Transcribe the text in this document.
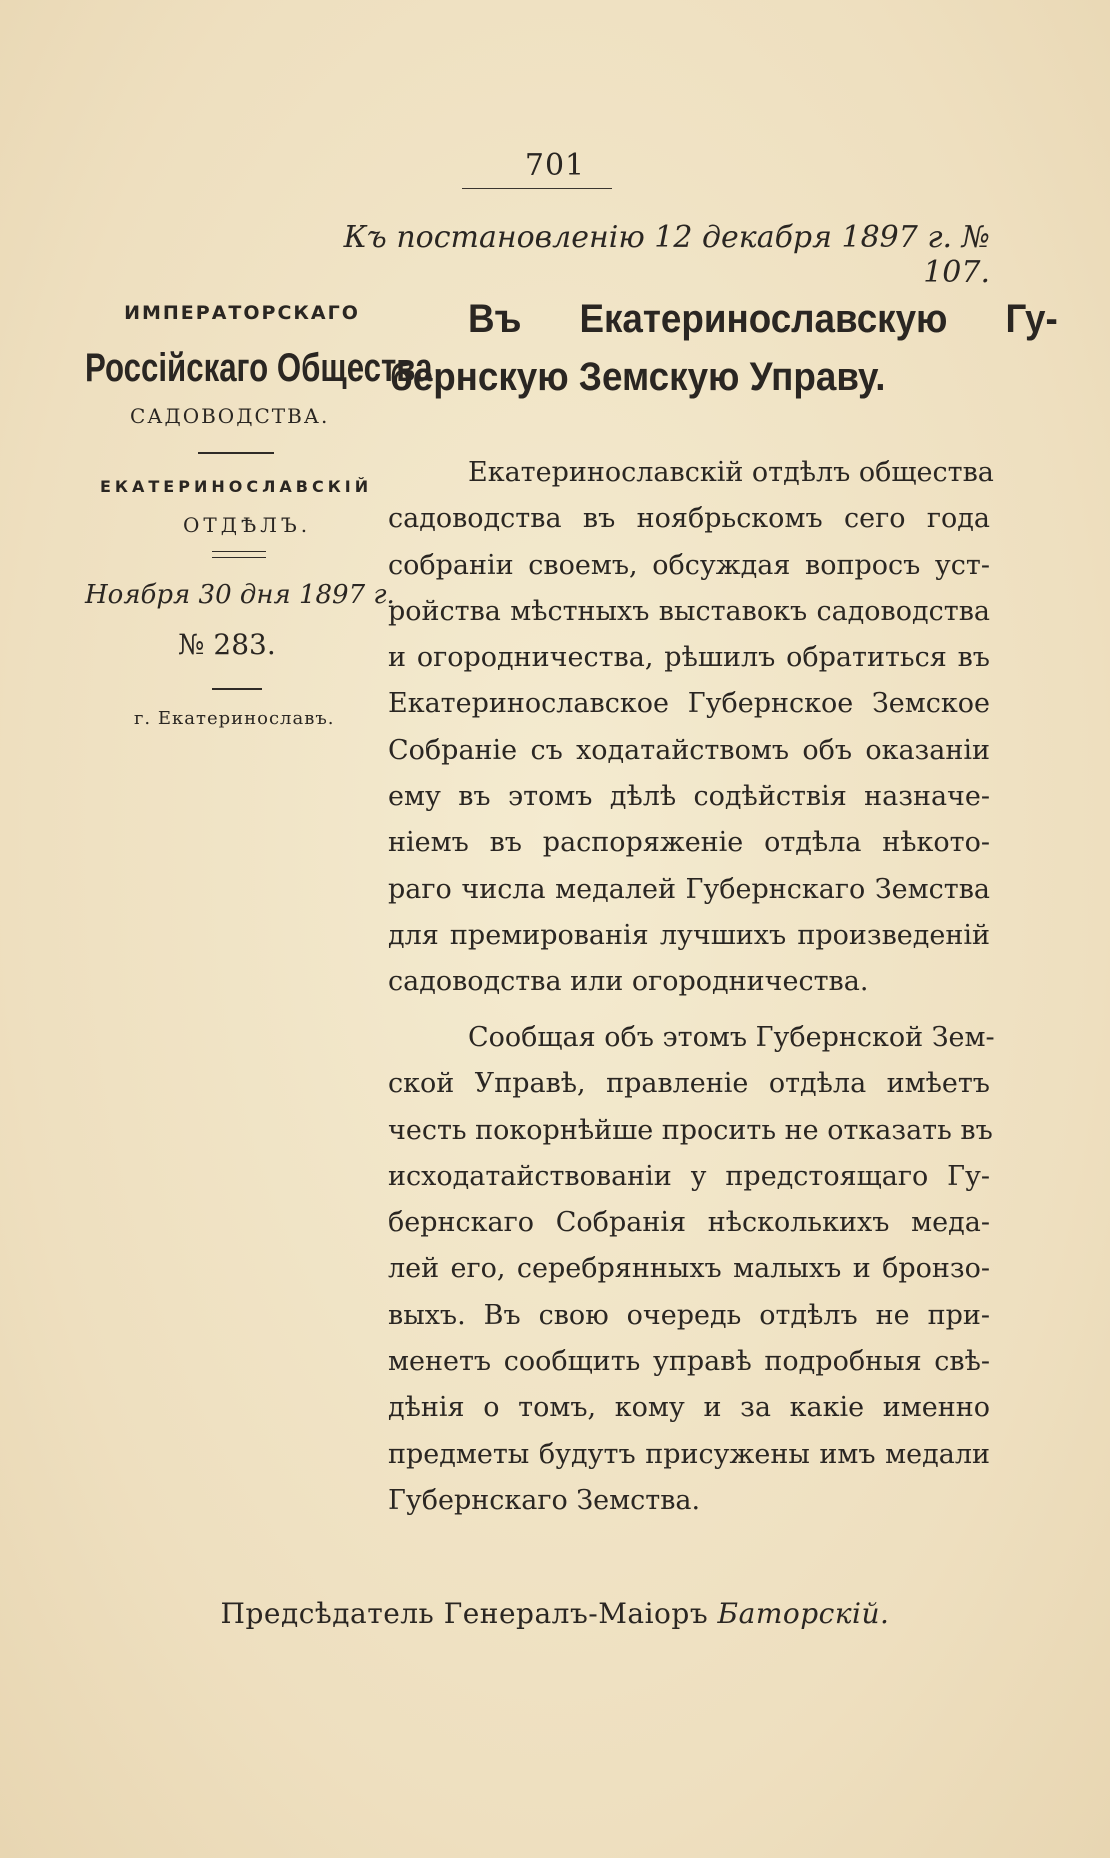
701
Къ постановленію 12 декабря 1897 г. № 107.
ИМПЕРАТОРСКАГО
Россійскаго Общества
САДОВОДСТВА.
ЕКАТЕРИНОСЛАВСКІЙ
ОТДѢЛЪ.
Ноября 30 дня 1897 г.
№ 283.
г. Екатеринославъ.
Въ Екатеринославскую Гу-
бернскую Земскую Управу.
Екатеринославскій отдѣлъ общества
садоводства въ ноябрьскомъ сего года
собраніи своемъ, обсуждая вопросъ уст-
ройства мѣстныхъ выставокъ садоводства
и огородничества, рѣшилъ обратиться въ
Екатеринославское Губернское Земское
Собраніе съ ходатайствомъ объ оказаніи
ему въ этомъ дѣлѣ содѣйствія назначе-
ніемъ въ распоряженіе отдѣла нѣкото-
раго числа медалей Губернскаго Земства
для премированія лучшихъ произведеній
садоводства или огородничества.
Сообщая объ этомъ Губернской Зем-
ской Управѣ, правленіе отдѣла имѣетъ
честь покорнѣйше просить не отказать въ
исходатайствованіи у предстоящаго Гу-
бернскаго Собранія нѣсколькихъ меда-
лей его, серебрянныхъ малыхъ и бронзо-
выхъ. Въ свою очередь отдѣлъ не при-
менетъ сообщить управѣ подробныя свѣ-
дѣнія о томъ, кому и за какіе именно
предметы будутъ присужены имъ медали
Губернскаго Земства.
Предсѣдатель Генералъ-Маіоръ Баторскій.
